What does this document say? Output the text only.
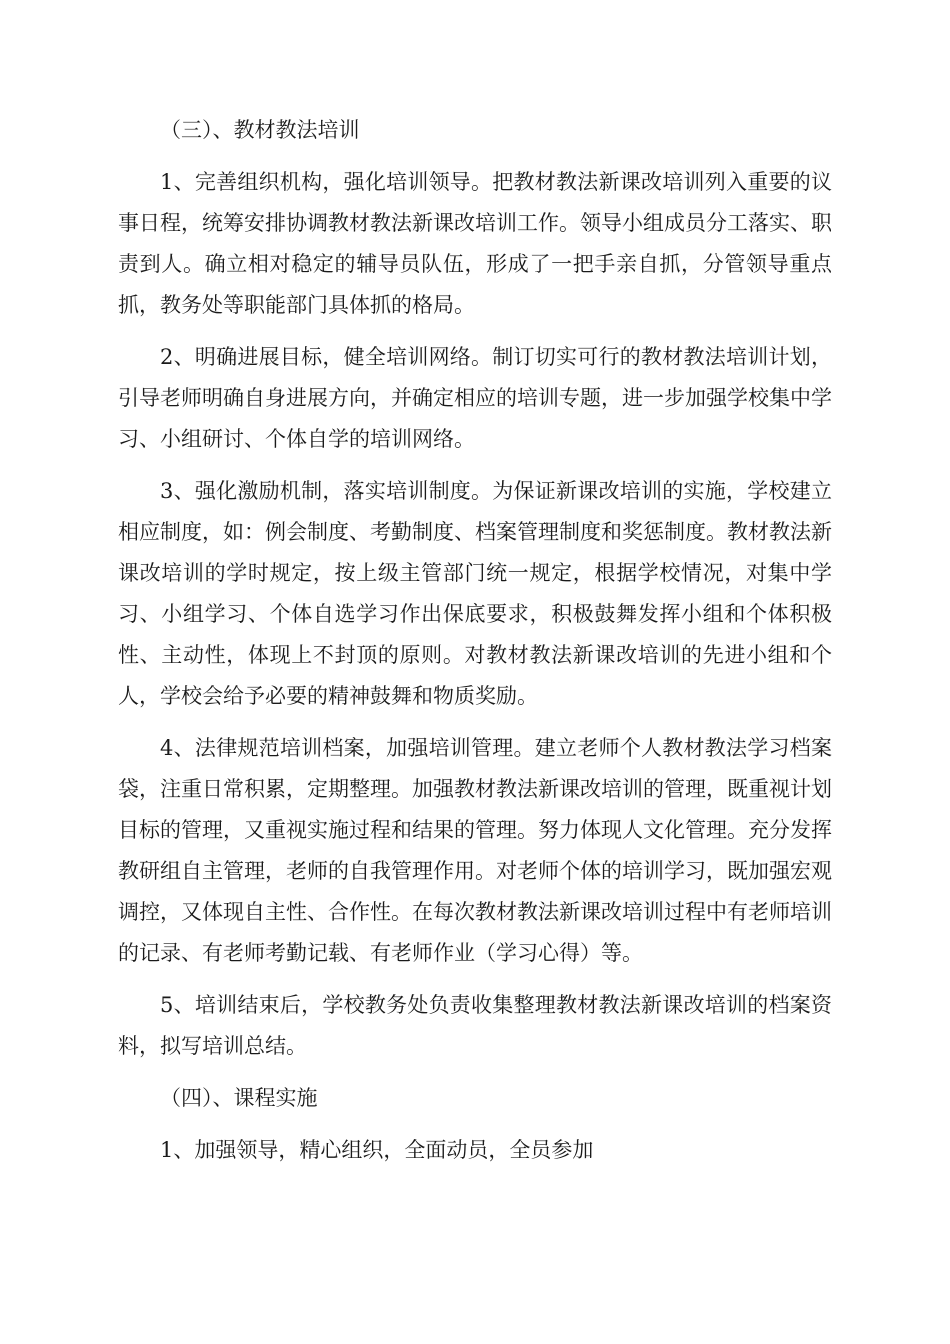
（三）、教材教法培训

1、完善组织机构，强化培训领导。把教材教法新课改培训列入重要的议事日程，统筹安排协调教材教法新课改培训工作。领导小组成员分工落实、职责到人。确立相对稳定的辅导员队伍，形成了一把手亲自抓，分管领导重点抓，教务处等职能部门具体抓的格局。

2、明确进展目标，健全培训网络。制订切实可行的教材教法培训计划，引导老师明确自身进展方向，并确定相应的培训专题，进一步加强学校集中学习、小组研讨、个体自学的培训网络。

3、强化激励机制，落实培训制度。为保证新课改培训的实施，学校建立相应制度，如：例会制度、考勤制度、档案管理制度和奖惩制度。教材教法新课改培训的学时规定，按上级主管部门统一规定，根据学校情况，对集中学习、小组学习、个体自选学习作出保底要求，积极鼓舞发挥小组和个体积极性、主动性，体现上不封顶的原则。对教材教法新课改培训的先进小组和个人，学校会给予必要的精神鼓舞和物质奖励。

4、法律规范培训档案，加强培训管理。建立老师个人教材教法学习档案袋，注重日常积累，定期整理。加强教材教法新课改培训的管理，既重视计划目标的管理，又重视实施过程和结果的管理。努力体现人文化管理。充分发挥教研组自主管理，老师的自我管理作用。对老师个体的培训学习，既加强宏观调控，又体现自主性、合作性。在每次教材教法新课改培训过程中有老师培训的记录、有老师考勤记载、有老师作业（学习心得）等。

5、培训结束后，学校教务处负责收集整理教材教法新课改培训的档案资料，拟写培训总结。

（四）、课程实施

1、加强领导，精心组织，全面动员，全员参加
